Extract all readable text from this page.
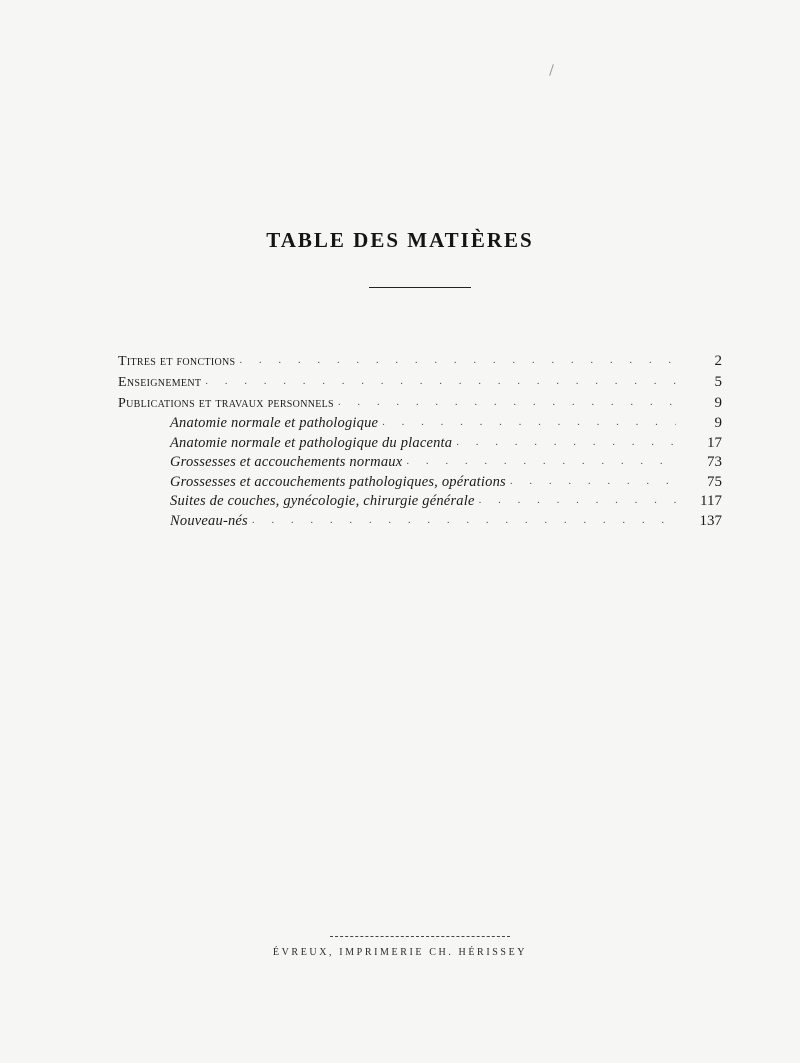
TABLE DES MATIÈRES
Titres et fonctions . . .	2
Enseignement . . .	5
Publications et travaux personnels . . .	9
Anatomie normale et pathologique . . .	9
Anatomie normale et pathologique du placenta . . .	17
Grossesses et accouchements normaux . . .	73
Grossesses et accouchements pathologiques, opérations . . .	75
Suites de couches, gynécologie, chirurgie générale . . .	117
Nouveau-nés . . .	137
ÉVREUX, IMPRIMERIE CH. HÉRISSEY
